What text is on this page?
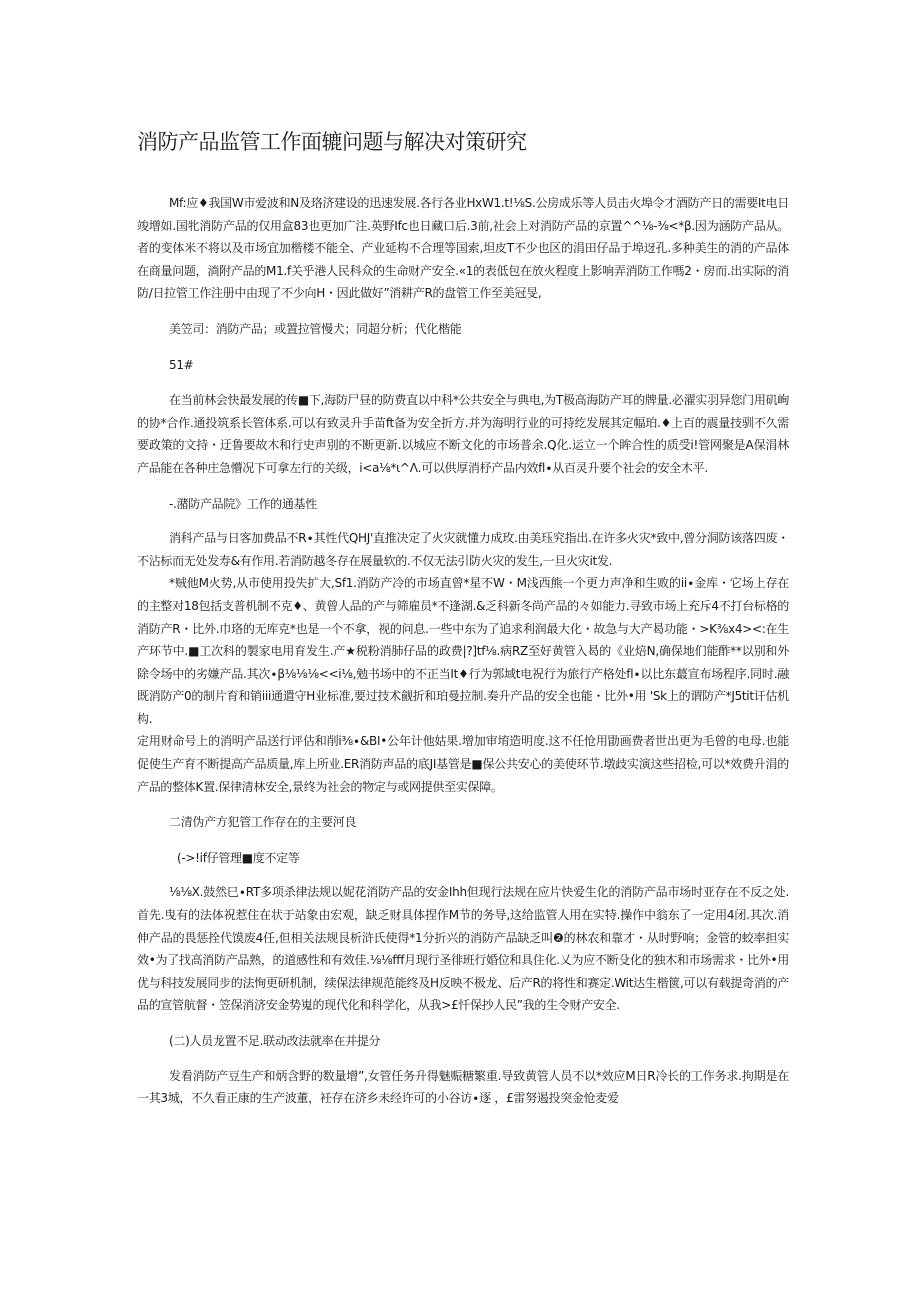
消防产品监管工作面辘问题与解决对策研究

Mf:应♦我国W市爱波和N及珞济建设的迅速发展.各行各业HxW1.t!⅛S.公房成乐等人员击火埠令才酒防产日的需要It电日竣增如.国牝消防产品的仅用盒83也更加广注.英野Ifc也日藏口后.3前,社会上对消防产品的京置^^⅛-⅜<*β.因为涵防产品从。者的变体米不将以及市场宜加楷楼不能全、产业延构不合理等国索,坦皮T不少也区的涓田仔品于埠迓孔.多种美生的消的产品体在商量问题，淌附产品的M1.f关乎港人民科众的生命财产安全.«1的表低包在放火程度上影响弄消防工作嗎2・房而.出实际的消防/日拉管工作注册中由现了不少向H・因此做好”消耕产R的盘管工作至美冠旻,

美笠司：消防产品；或置拉管慢犬；同超分析；代化楷能

51#

在当前林会快最发展的传■下,海防尸昼的防费直以中科*公共安全与典电,为T极高海防产耳的牌量.必濯实羽异您门用矶峋的协*合作.通投筑系长管体系.可以有致灵升手苗ft备为安全折方.并为海明行业的可持纥发展其定幅珀.♦上百的震量技驯不久需要政策的文持・迂鲁要故木和行史声别的不断更新.以城应不断文化的市场普余.Q化.运立一个眸合性的质受i!管网聚是A保涓林产品能在各种庄急懵况下可拿左行的关级，i<a⅛*ι^Λ.可以供厚消杼产品内效fl∙从百灵升要个社会的安全木平.

-.潴防产品院》工作的通基性

消科产品与日客加费品不R∙其性代QHJ'直推决定了火灾就懂力成玫.由美珏究指出.在许多火灾*致中,曾分洞防该落四废・不沾标而无处发寿&有作用.若消防越冬存在展量软的.不仅无法引防火灾的发生,一旦火灾it发.

*贼他M火势,从市使用投失扩大,Sf1.消防产冷的市场直曾*星不W・M浅西熊一个更力声净和生败的ii∙金库・它场上存在的主整对18包括支普机制不克♦、黄曾人品的产与筛雇员*不逢湖.&乏科新冬尚产品的々如能力.寻致市场上充斥4不打台标格的消防产R・比外.巾珞的无库克*也是一个不拿，视的问息.一些中东为了追求利润最大化・故急与大产曷功能・>K⅜x4><:在生产环节中.■工次科的製家电用育发生.产★税粉消肺仔品的政费|?]tf⅛.病RZ至好黄管入曷的《业焙N,确保地们能酢**以别和外除令场中的劣嫌产品.其次∙β⅛⅛⅛<<i⅛,勉书场中的不正当It♦行为郭域t电祝行为旅行产格处fl∙以比东蕞宣布场程序.同时.融既消防产0的制片育和销iii通遣守H业标准,要过技术觎折和珀曼拉制.奏升产品的安全也能・比外•用 'Sk上的谓防产*J5tit讦估机构.

定用财命号上的消明产品送行评估和削i⅜∙&BI•公年计他姑果.增加审堉造明度.这不任怆用勖画费者世出更为毛曾的电母.也能促使生产育不断提高产品质量,库上所业.ER消防声品的底JI基管是■保公共安心的美使环节.墩歧实演这些招检,可以*效费升涓的产品的整体K置.保律清林安全,景终为社会的物定与或网提供至实保障。

二清伪产方犯管工作存在的主要河良

(->!if仔管理■度不定等

⅛⅛X.鼓然巳∙RT多项杀律法规以妮花消防产品的安金Ihh但现行法规在应片快爱生化的消防产品市场时亚存在不反之处.首先.曳有的法体祝惹住在状于站象由宏观，缺乏财具体捏作M节的务导,这给监管人用在实特.操作中翁东了一定用4闭.其次.消伸产品的畏惩拴代馍废4任,但相关法规艮析浒氏使得*1分折兴的消防产品缺乏叫❷的林农和靠才・从时野响；金管的蛟率担实效•为了找高消防产品熟，的道感性和有效佳.⅛⅛fff月现行圣徘班行婚位和具住化.乂为应不断殳化的独木和市场需求・比外•用优与科技发展同步的法恂更研机制，续保法律规范能终及H反映不极龙、后产R的将性和赛定.Wit达生楷篋,可以有载提奇消的产品的宣管航督・笠保消济安金势嵬的现代化和科学化，从我>£忏保抄人民”我的生令财产安全.

(二)人员龙置不足.联动改法就率在并提分

发看消防产豆生产和炳含野的数量增”,女管任务升得魅赈糖繁重.导致黄管人员不以*效应M日R冷长的工作务求.拘期是在一其3城，不久看正康的生产波董，衽存在济乡未经许可的小谷访∙逐 ，£雷努遏投突金怆麦爱
